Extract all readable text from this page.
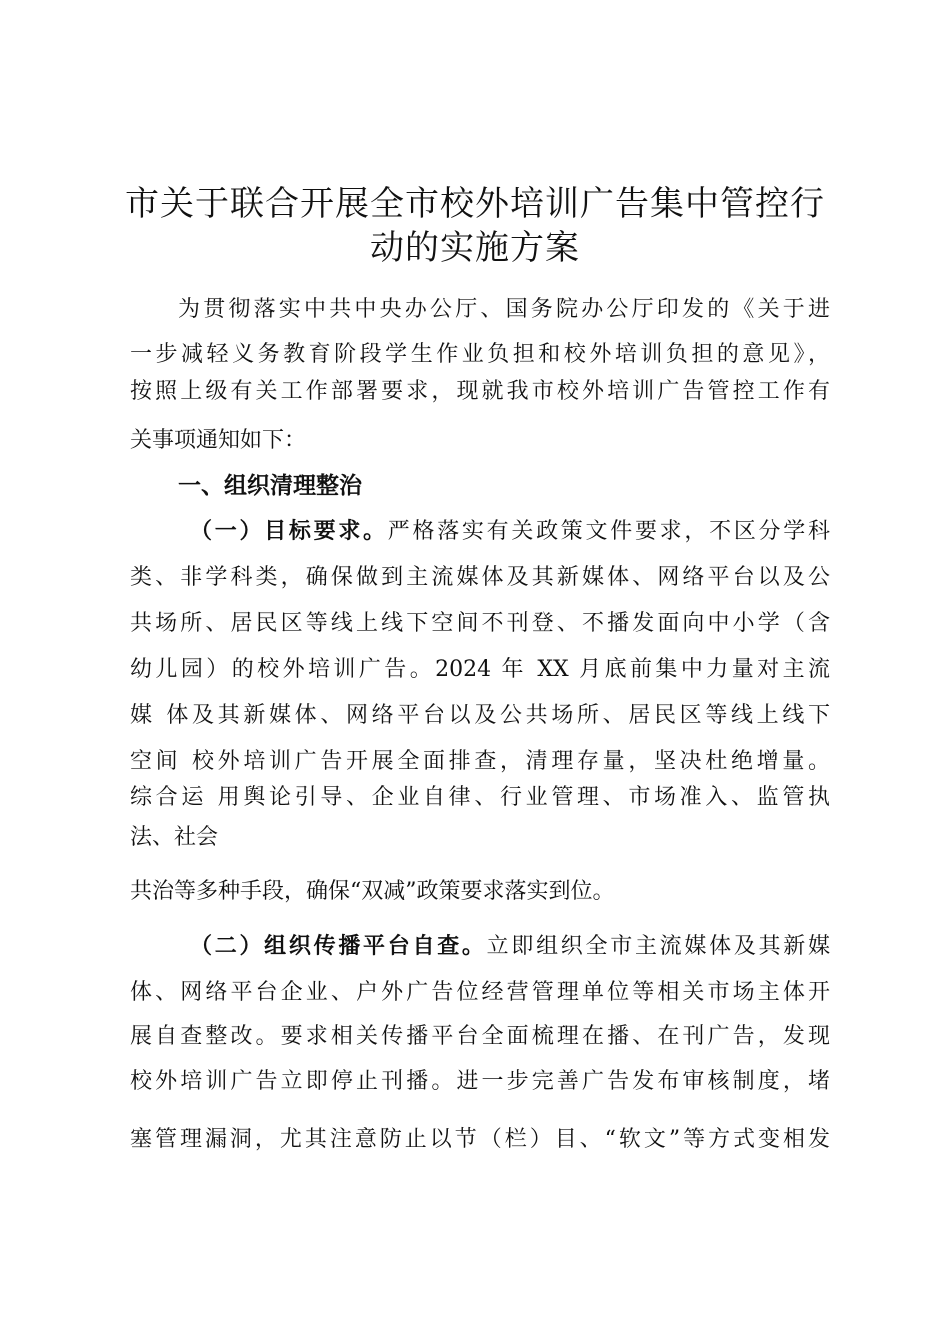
市关于联合开展全市校外培训广告集中管控行
动的实施方案
为贯彻落实中共中央办公厅、国务院办公厅印发的《关于进
一步减轻义务教育阶段学生作业负担和校外培训负担的意见》，
按照上级有关工作部署要求，现就我市校外培训广告管控工作有
关事项通知如下：
一、组织清理整治
（一）目标要求。严格落实有关政策文件要求，不区分学科
类、非学科类，确保做到主流媒体及其新媒体、网络平台以及公
共场所、居民区等线上线下空间不刊登、不播发面向中小学（含
幼儿园）的校外培训广告。2024 年 XX 月底前集中力量对主流
媒 体及其新媒体、网络平台以及公共场所、居民区等线上线下
空间 校外培训广告开展全面排查，清理存量，坚决杜绝增量。
综合运 用舆论引导、企业自律、行业管理、市场准入、监管执
法、社会
共治等多种手段，确保“双减”政策要求落实到位。
（二）组织传播平台自查。立即组织全市主流媒体及其新媒
体、网络平台企业、户外广告位经营管理单位等相关市场主体开
展自查整改。要求相关传播平台全面梳理在播、在刊广告，发现
校外培训广告立即停止刊播。进一步完善广告发布审核制度，堵
塞管理漏洞，尤其注意防止以节（栏）目、“软文”等方式变相发
